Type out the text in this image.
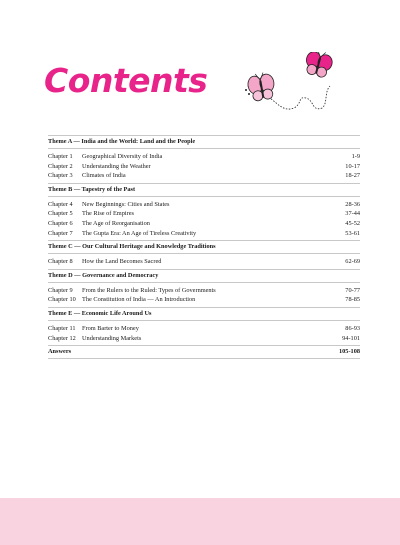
Contents
Theme A — India and the World: Land and the People
Chapter 1	Geographical Diversity of India	1-9
Chapter 2	Understanding the Weather	10-17
Chapter 3	Climates of India	18-27
Theme B — Tapestry of the Past
Chapter 4	New Beginnings: Cities and States	28-36
Chapter 5	The Rise of Empires	37-44
Chapter 6	The Age of Reorganisation	45-52
Chapter 7	The Gupta Era: An Age of Tireless Creativity	53-61
Theme C — Our Cultural Heritage and Knowledge Traditions
Chapter 8	How the Land Becomes Sacred	62-69
Theme D — Governance and Democracy
Chapter 9	From the Rulers to the Ruled: Types of Governments	70-77
Chapter 10 The Constitution of India — An Introduction	78-85
Theme E — Economic Life Around Us
Chapter 11	From Barter to Money	86-93
Chapter 12 Understanding Markets	94-101
Answers	105-108
